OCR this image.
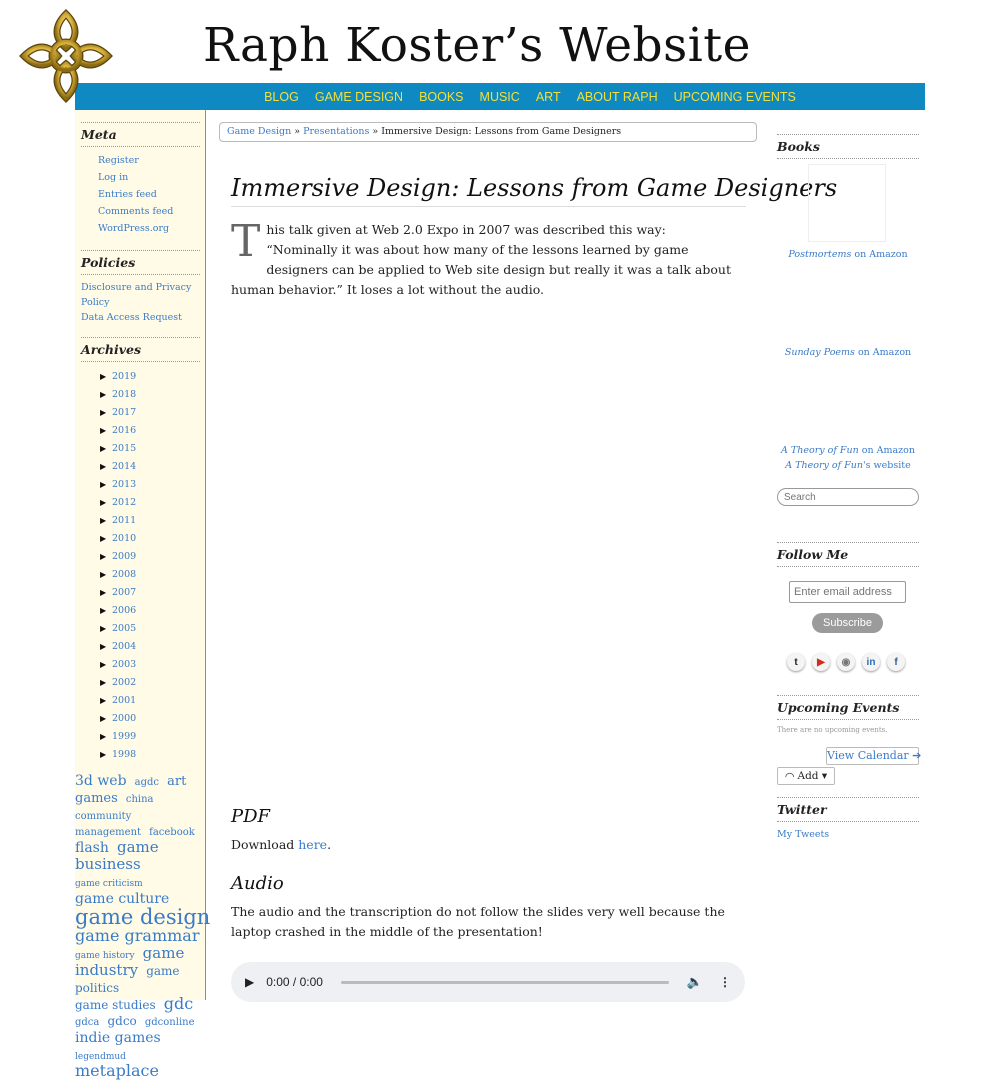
Raph Koster’s Website
BLOG GAME DESIGN BOOKS MUSIC ART ABOUT RAPH UPCOMING EVENTS
Meta
Register
Log in
Entries feed
Comments feed
WordPress.org
Policies
Disclosure and Privacy Policy
Data Access Request
Archives
▶ 2019
▶ 2018
▶ 2017
▶ 2016
▶ 2015
▶ 2014
▶ 2013
▶ 2012
▶ 2011
▶ 2010
▶ 2009
▶ 2008
▶ 2007
▶ 2006
▶ 2005
▶ 2004
▶ 2003
▶ 2002
▶ 2001
▶ 2000
▶ 1999
▶ 1998
3d web agdc art games china community management facebook flash game business game criticism game culture game design game grammar game history game industry game politics game studies gdc gdca gdco gdconline indie games legendmud metaplace
Game Design » Presentations » Immersive Design: Lessons from Game Designers
Immersive Design: Lessons from Game Designers

This talk given at Web 2.0 Expo in 2007 was described this way: “Nominally it was about how many of the lessons learned by game designers can be applied to Web site design but really it was a talk about human behavior.” It loses a lot without the audio.

PDF

Download here.

Audio

The audio and the transcription do not follow the slides very well because the laptop crashed in the middle of the presentation!

▶ 0:00 / 0:00	🔈 ⋮
Books
Postmortems on Amazon
Sunday Poems on Amazon
A Theory of Fun on Amazon
A Theory of Fun's website
Search
Follow Me
Enter email address
Subscribe
t	▶	◉	in	f
Upcoming Events
There are no upcoming events.
View Calendar ➔
◠ Add ▾
Twitter
My Tweets
